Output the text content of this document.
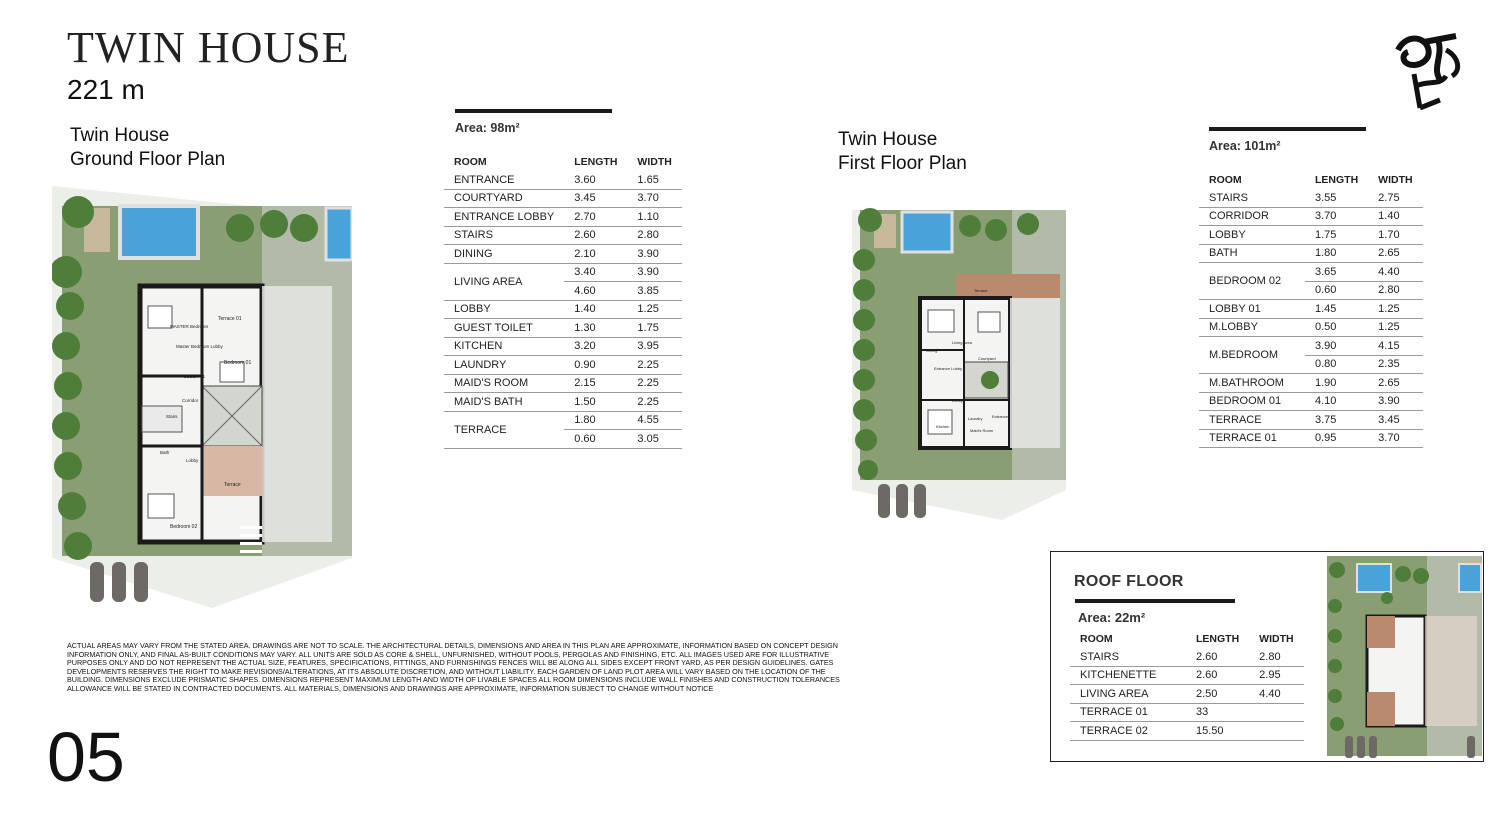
TWIN HOUSE
221 m
Twin House
Ground Floor Plan
Terrace 01
MASTER Bedroom
Master Bedroom Lobby
Bedroom 01
LOBBY 01
Stairs
Corridor
Bath
Lobby
Terrace
Bedroom 02
Area: 98m²
ROOM	LENGTH	WIDTH
ENTRANCE	3.60	1.65
COURTYARD	3.45	3.70
ENTRANCE LOBBY	2.70	1.10
STAIRS	2.60	2.80
DINING	2.10	3.90
LIVING AREA	3.40	3.90
	4.60	3.85
LOBBY	1.40	1.25
GUEST TOILET	1.30	1.75
KITCHEN	3.20	3.95
LAUNDRY	0.90	2.25
MAID'S ROOM	2.15	2.25
MAID'S BATH	1.50	2.25
TERRACE	1.80	4.55
	0.60	3.05
Twin House
First Floor Plan
Terrace
Dining
Living Area
Courtyard
Entrance Lobby
Lobby
Laundry
Kitchen
Entrance
Maid's Room
Area: 101m²
ROOM	LENGTH	WIDTH
STAIRS	3.55	2.75
CORRIDOR	3.70	1.40
LOBBY	1.75	1.70
BATH	1.80	2.65
BEDROOM 02	3.65	4.40
	0.60	2.80
LOBBY 01	1.45	1.25
M.LOBBY	0.50	1.25
M.BEDROOM	3.90	4.15
	0.80	2.35
M.BATHROOM	1.90	2.65
BEDROOM 01	4.10	3.90
TERRACE	3.75	3.45
TERRACE 01	0.95	3.70
ROOF FLOOR
Area: 22m²
ROOM	LENGTH	WIDTH
STAIRS	2.60	2.80
KITCHENETTE	2.60	2.95
LIVING AREA	2.50	4.40
TERRACE 01	33	
TERRACE 02	15.50	
ACTUAL AREAS MAY VARY FROM THE STATED AREA. DRAWINGS ARE NOT TO SCALE. THE ARCHITECTURAL DETAILS, DIMENSIONS AND AREA IN THIS PLAN ARE APPROXIMATE, INFORMATION BASED ON CONCEPT DESIGN INFORMATION ONLY, AND FINAL AS-BUILT CONDITIONS MAY VARY. ALL UNITS ARE SOLD AS CORE & SHELL, UNFURNISHED, WITHOUT POOLS, PERGOLAS AND FINISHING, ETC. ALL IMAGES USED ARE FOR ILLUSTRATIVE PURPOSES ONLY AND DO NOT REPRESENT THE ACTUAL SIZE, FEATURES, SPECIFICATIONS, FITTINGS, AND FURNISHINGS FENCES WILL BE ALONG ALL SIDES EXCEPT FRONT YARD, AS PER DESIGN GUIDELINES. GATES DEVELOPMENTS RESERVES THE RIGHT TO MAKE REVISIONS/ALTERATIONS, AT ITS ABSOLUTE DISCRETION, AND WITHOUT LIABILITY. EACH GARDEN OF LAND PLOT AREA WILL VARY BASED ON THE LOCATION OF THE BUILDING. DIMENSIONS EXCLUDE PRISMATIC SHAPES. DIMENSIONS REPRESENT MAXIMUM LENGTH AND WIDTH OF LIVABLE SPACES ALL ROOM DIMENSIONS INCLUDE WALL FINISHES AND CONSTRUCTION TOLERANCES ALLOWANCE WILL BE STATED IN CONTRACTED DOCUMENTS. ALL MATERIALS, DIMENSIONS AND DRAWINGS ARE APPROXIMATE, INFORMATION SUBJECT TO CHANGE WITHOUT NOTICE
05
